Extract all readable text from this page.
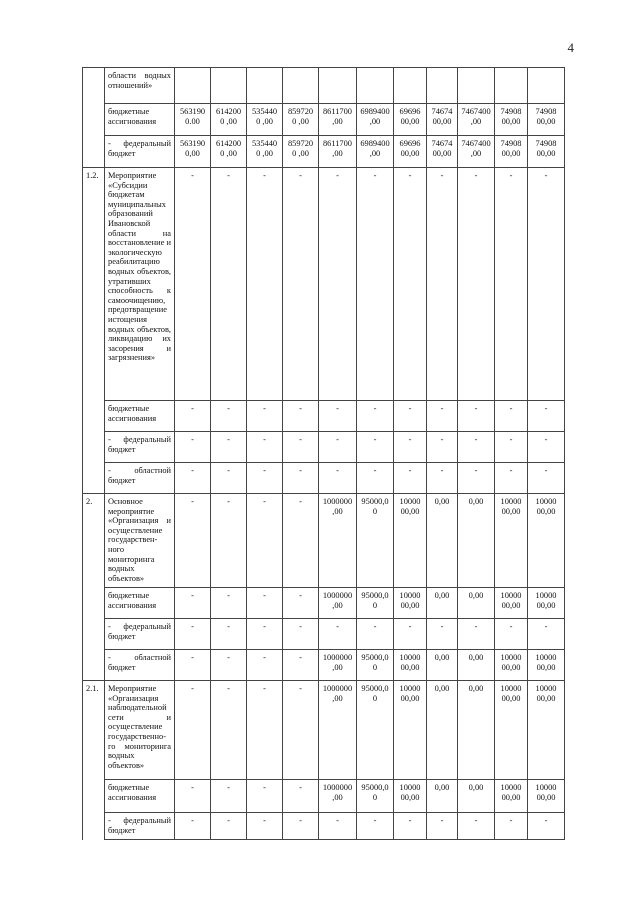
4
	области водных отношений»											
	бюджетные ассигнования	563190 0.00	6142000 ,00	5354400 ,00	8597200 ,00	8611700 ,00	6989400 ,00	69696 00,00	74674 00,00	7467400 ,00	74908 00,00	74908 00,00
	- федеральный бюджет	563190 0,00	6142000 ,00	5354400 ,00	8597200 ,00	8611700 ,00	6989400 ,00	69696 00,00	74674 00,00	7467400 ,00	74908 00,00	74908 00,00
1.2.	Мероприятие «Субсидии бюджетам муниципальных образований Ивановской области на восстановление и экологическую реабилитацию водных объектов, утративших способность к самоочищению, предотвращение истощения водных объектов, ликвидацию их засорения и загрязнения»	-	-	-	-	-	-	-	-	-	-	-
	бюджетные ассигнования	-	-	-	-	-	-	-	-	-	-	-
	- федеральный бюджет	-	-	-	-	-	-	-	-	-	-	-
	- областной бюджет	-	-	-	-	-	-	-	-	-	-	-
2.	Основное мероприятие «Организация и осуществление государствен-ного мониторинга водных объектов»	-	-	-	-	1000000 ,00	95000,0 0	10000 00,00	0,00	0,00	10000 00,00	10000 00,00
	бюджетные ассигнования	-	-	-	-	1000000 ,00	95000,0 0	10000 00,00	0,00	0,00	10000 00,00	10000 00,00
	- федеральный бюджет	-	-	-	-	-	-	-	-	-	-	-
	- областной бюджет	-	-	-	-	1000000 ,00	95000,0 0	10000 00,00	0,00	0,00	10000 00,00	10000 00,00
2.1.	Мероприятие «Организация наблюдательной сети и осуществление государственно-го мониторинга водных объектов»	-	-	-	-	1000000 ,00	95000,0 0	10000 00,00	0,00	0,00	10000 00,00	10000 00,00
	бюджетные ассигнования	-	-	-	-	1000000 ,00	95000,0 0	10000 00,00	0,00	0,00	10000 00,00	10000 00,00
	- федеральный бюджет	-	-	-	-	-	-	-	-	-	-	-
